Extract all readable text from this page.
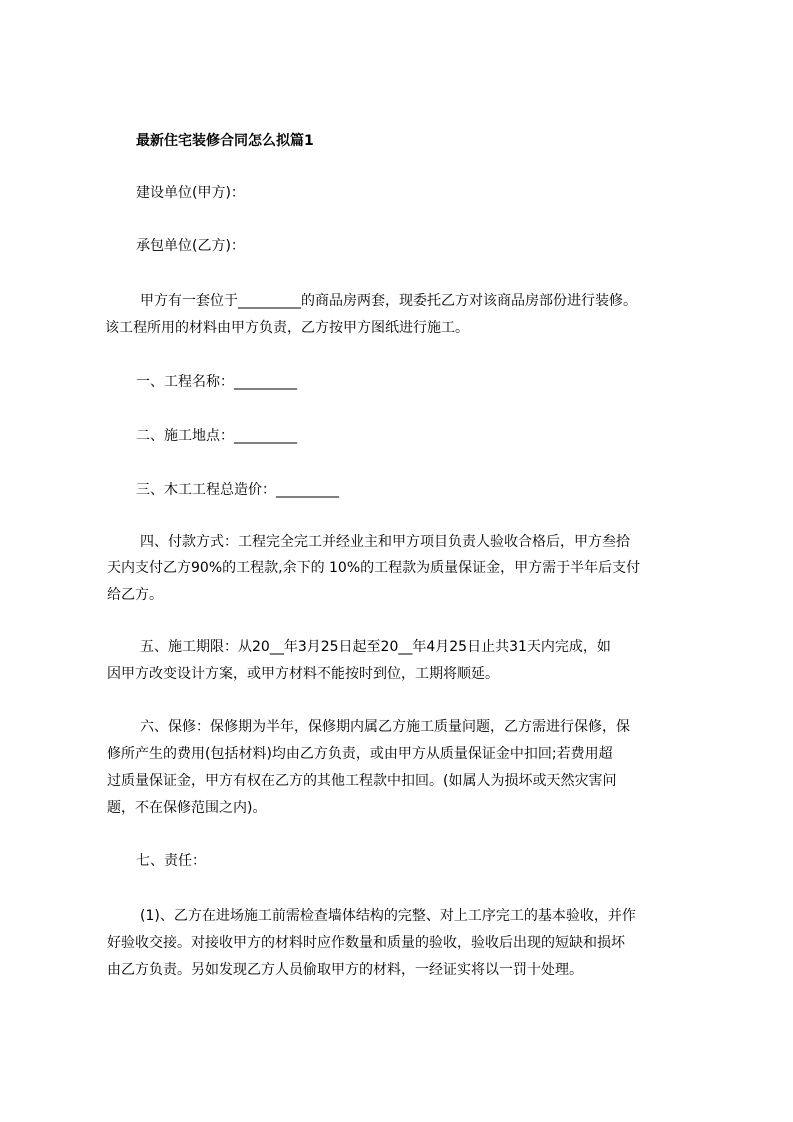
最新住宅装修合同怎么拟篇1
建设单位(甲方)：
承包单位(乙方)：
甲方有一套位于_________的商品房两套，现委托乙方对该商品房部份进行装修。
该工程所用的材料由甲方负责，乙方按甲方图纸进行施工。
一、工程名称：_________
二、施工地点：_________
三、木工工程总造价：_________
四、付款方式：工程完全完工并经业主和甲方项目负责人验收合格后，甲方叁拾
天内支付乙方90%的工程款,余下的 10%的工程款为质量保证金，甲方需于半年后支付
给乙方。
五、施工期限：从20__年3月25日起至20__年4月25日止共31天内完成，如
因甲方改变设计方案，或甲方材料不能按时到位，工期将顺延。
六、保修：保修期为半年，保修期内属乙方施工质量问题，乙方需进行保修，保
修所产生的费用(包括材料)均由乙方负责，或由甲方从质量保证金中扣回;若费用超
过质量保证金，甲方有权在乙方的其他工程款中扣回。(如属人为损坏或天然灾害问
题，不在保修范围之内)。
七、责任：
(1)、乙方在进场施工前需检查墙体结构的完整、对上工序完工的基本验收，并作
好验收交接。对接收甲方的材料时应作数量和质量的验收，验收后出现的短缺和损坏
由乙方负责。另如发现乙方人员偷取甲方的材料，一经证实将以一罚十处理。
